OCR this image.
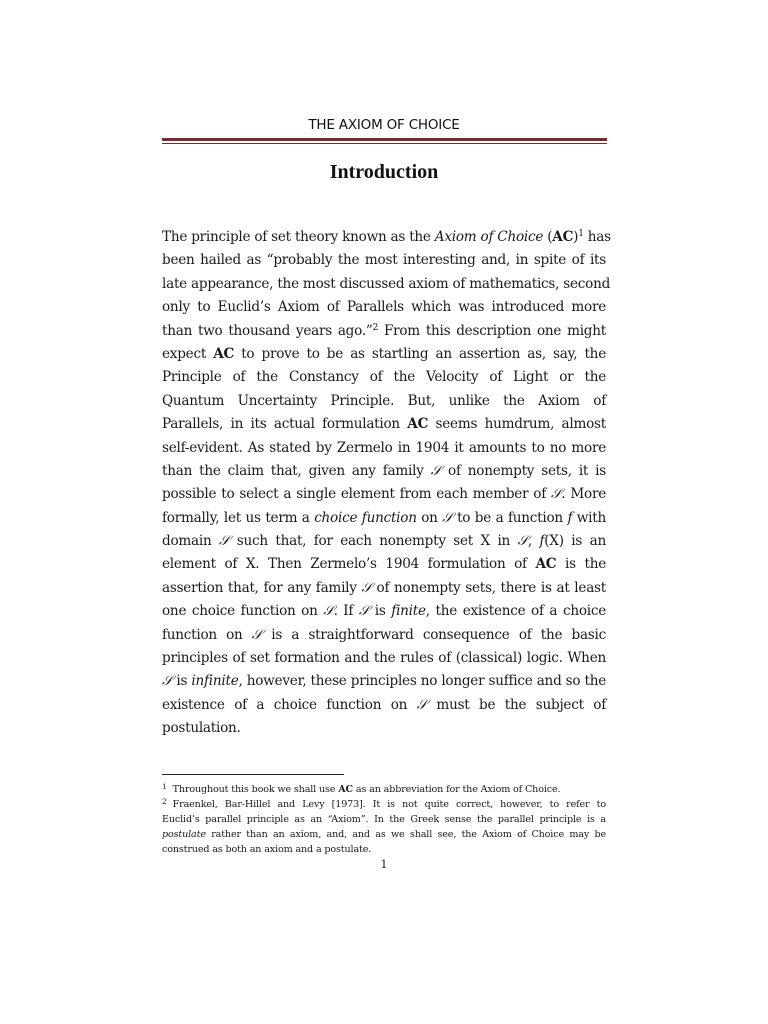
THE AXIOM OF CHOICE
Introduction
The principle of set theory known as the Axiom of Choice (AC)$^1$ has
been hailed as “probably the most interesting and, in spite of its
late appearance, the most discussed axiom of mathematics, second
only to Euclid’s Axiom of Parallels which was introduced more
than two thousand years ago.”$^2$ From this description one might
expect AC to prove to be as startling an assertion as, say, the
Principle of the Constancy of the Velocity of Light or the
Quantum Uncertainty Principle. But, unlike the Axiom of
Parallels, in its actual formulation AC seems humdrum, almost
self-evident. As stated by Zermelo in 1904 it amounts to no more
than the claim that, given any family 𝒮 of nonempty sets, it is
possible to select a single element from each member of 𝒮. More
formally, let us term a choice function on 𝒮 to be a function f with
domain 𝒮 such that, for each nonempty set X in 𝒮, f(X) is an
element of X. Then Zermelo’s 1904 formulation of AC is the
assertion that, for any family 𝒮 of nonempty sets, there is at least
one choice function on 𝒮. If 𝒮 is finite, the existence of a choice
function on 𝒮 is a straightforward consequence of the basic
principles of set formation and the rules of (classical) logic. When
𝒮 is infinite, however, these principles no longer suffice and so the
existence of a choice function on 𝒮 must be the subject of
postulation.
$^1$ Throughout this book we shall use AC as an abbreviation for the Axiom of Choice.
$^2$ Fraenkel, Bar-Hillel and Levy [1973]. It is not quite correct, however, to refer to
Euclid’s parallel principle as an “Axiom”. In the Greek sense the parallel principle is a
postulate rather than an axiom, and, and as we shall see, the Axiom of Choice may be
construed as both an axiom and a postulate.
1
